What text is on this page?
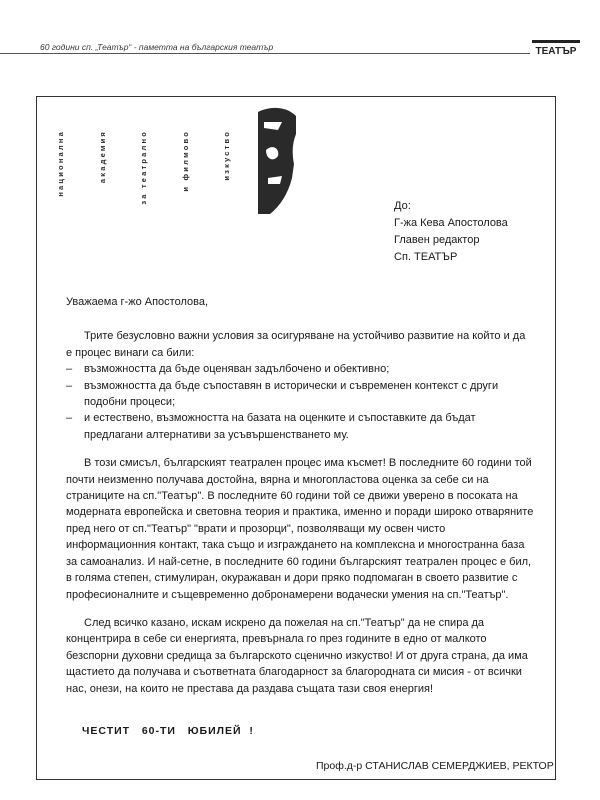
60 години сп. „Театър“ - паметта на българския театър	ТЕАТЪР
национална	академия	за театрално	и филмово	изкуство
До:
Г-жа Кева Апостолова
Главен редактор
Сп. ТЕАТЪР

Уважаема г-жо Апостолова,

Трите безусловно важни условия за осигуряване на устойчиво развитие на който и да е процес винаги са били:

–	възможността да бъде оценяван задълбочено и обективно;
–	възможността да бъде съпоставян в исторически и съвременен контекст с други подобни процеси;
–	и естествено, възможността на базата на оценките и съпоставките да бъдат предлагани алтернативи за усъвършенстването му.

В този смисъл, българският театрален процес има късмет! В последните 60 години той почти неизменно получава достойна, вярна и многопластова оценка за себе си на страниците на сп."Театър". В последните 60 години той се движи уверено в посоката на модерната европейска и световна теория и практика, именно и поради широко отваряните пред него от сп."Театър" "врати и прозорци", позволяващи му освен чисто информационния контакт, така също и изграждането на комплексна и многостранна база за самоанализ. И най-сетне, в последните 60 години българският театрален процес е бил, в голяма степен, стимулиран, окуражаван и дори пряко подпомаган в своето развитие с професионалните и същевременно добронамерени водачески умения на сп."Театър".

След всичко казано, искам искрено да пожелая на сп."Театър" да не спира да концентрира в себе си енергията, превърнала го през годините в едно от малкото безспорни духовни средища за българското сценично изкуство! И от друга страна, да има щастието да получава и съответната благодарност за благородната си мисия - от всички нас, онези, на които не престава да раздава същата тази своя енергия!

ЧЕСТИТ   60-ТИ   ЮБИЛЕЙ  !
Проф.д-р СТАНИСЛАВ СЕМЕРДЖИЕВ, РЕКТОР
